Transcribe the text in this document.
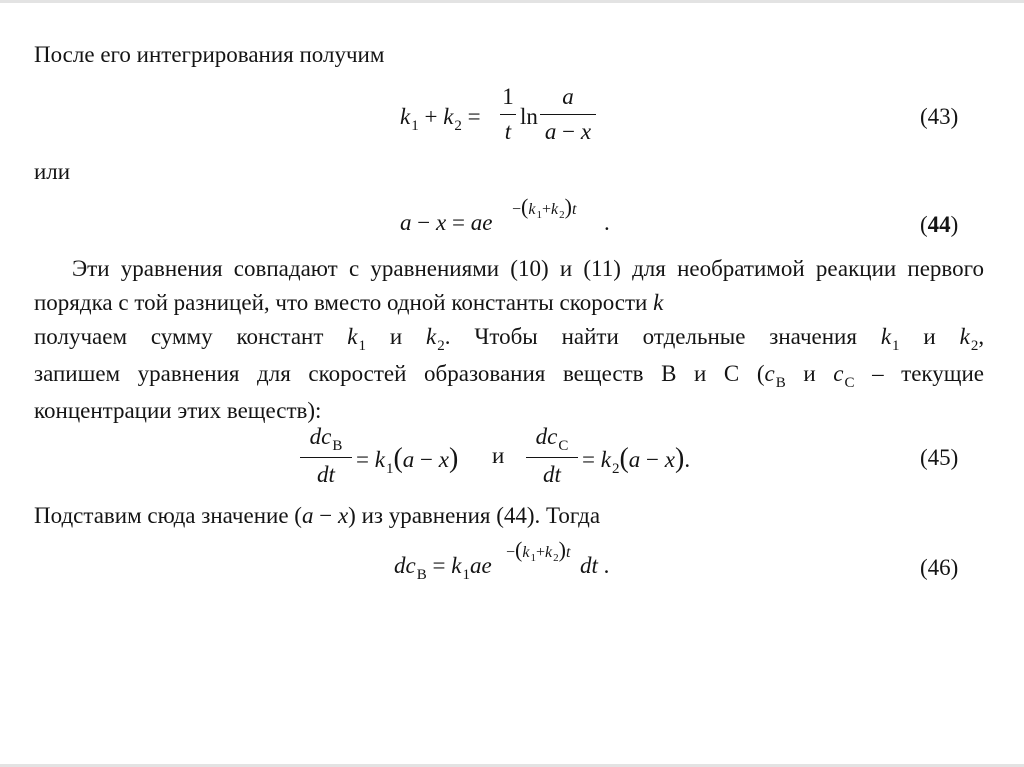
После его интегрирования получим
$k_1 + k_2$ =
1
t
ln
a
a − x
(43)
или
a − x = ae
$-(k_1+k_2)t$
.	(44)

Эти уравнения совпадают с уравнениями (10) и (11) для необратимой реакции первого порядка с той разницей, что вместо одной константы скорости k

получаем сумму констант $k_1$ и $k_2$. Чтобы найти отдельные значения $k_1$ и $k_2$,
запишем уравнения для скоростей образования веществ В и С ($c_B$ и $c_C$ – текущие
концентрации этих веществ):
$dc_B$
dt
= $k_1(a - x)$ и
$dc_C$
dt
= $k_2(a - x)$.	(45)
Подставим сюда значение (a − x) из уравнения (44). Тогда
$dc_B = k_1ae$
$-(k_1+k_2)t$
dt .	(46)
